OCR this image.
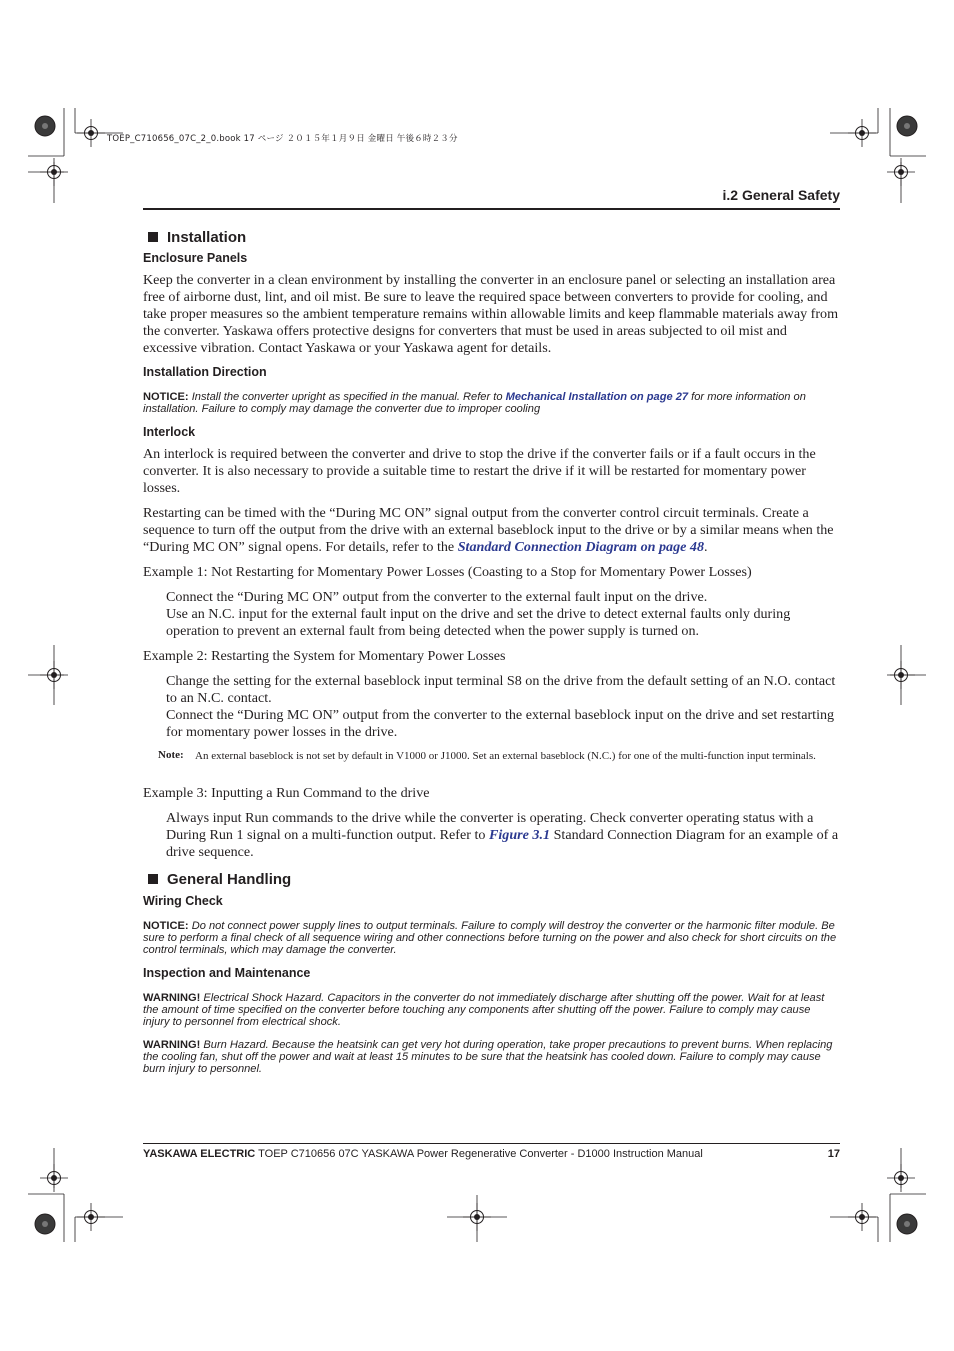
TOEP_C710656_07C_2_0.book 17 ページ ２０１５年１月９日 金曜日 午後６時２３分
i.2 General Safety
Installation
Enclosure Panels
Keep the converter in a clean environment by installing the converter in an enclosure panel or selecting an installation area free of airborne dust, lint, and oil mist. Be sure to leave the required space between converters to provide for cooling, and take proper measures so the ambient temperature remains within allowable limits and keep flammable materials away from the converter. Yaskawa offers protective designs for converters that must be used in areas subjected to oil mist and excessive vibration. Contact Yaskawa or your Yaskawa agent for details.
Installation Direction
NOTICE: Install the converter upright as specified in the manual. Refer to Mechanical Installation on page 27 for more information on installation. Failure to comply may damage the converter due to improper cooling
Interlock
An interlock is required between the converter and drive to stop the drive if the converter fails or if a fault occurs in the converter. It is also necessary to provide a suitable time to restart the drive if it will be restarted for momentary power losses.
Restarting can be timed with the “During MC ON” signal output from the converter control circuit terminals. Create a sequence to turn off the output from the drive with an external baseblock input to the drive or by a similar means when the “During MC ON” signal opens. For details, refer to the Standard Connection Diagram on page 48.
Example 1: Not Restarting for Momentary Power Losses (Coasting to a Stop for Momentary Power Losses)
Connect the “During MC ON” output from the converter to the external fault input on the drive.
Use an N.C. input for the external fault input on the drive and set the drive to detect external faults only during operation to prevent an external fault from being detected when the power supply is turned on.
Example 2: Restarting the System for Momentary Power Losses
Change the setting for the external baseblock input terminal S8 on the drive from the default setting of an N.O. contact to an N.C. contact.
Connect the “During MC ON” output from the converter to the external baseblock input on the drive and set restarting for momentary power losses in the drive.
Note: An external baseblock is not set by default in V1000 or J1000. Set an external baseblock (N.C.) for one of the multi-function input terminals.
Example 3: Inputting a Run Command to the drive
Always input Run commands to the drive while the converter is operating. Check converter operating status with a During Run 1 signal on a multi-function output. Refer to Figure 3.1 Standard Connection Diagram for an example of a drive sequence.
General Handling
Wiring Check
NOTICE: Do not connect power supply lines to output terminals. Failure to comply will destroy the converter or the harmonic filter module. Be sure to perform a final check of all sequence wiring and other connections before turning on the power and also check for short circuits on the control terminals, which may damage the converter.
Inspection and Maintenance
WARNING! Electrical Shock Hazard. Capacitors in the converter do not immediately discharge after shutting off the power. Wait for at least the amount of time specified on the converter before touching any components after shutting off the power. Failure to comply may cause injury to personnel from electrical shock.
WARNING! Burn Hazard. Because the heatsink can get very hot during operation, take proper precautions to prevent burns. When replacing the cooling fan, shut off the power and wait at least 15 minutes to be sure that the heatsink has cooled down. Failure to comply may cause burn injury to personnel.
YASKAWA ELECTRIC TOEP C710656 07C YASKAWA Power Regenerative Converter - D1000 Instruction Manual	17
